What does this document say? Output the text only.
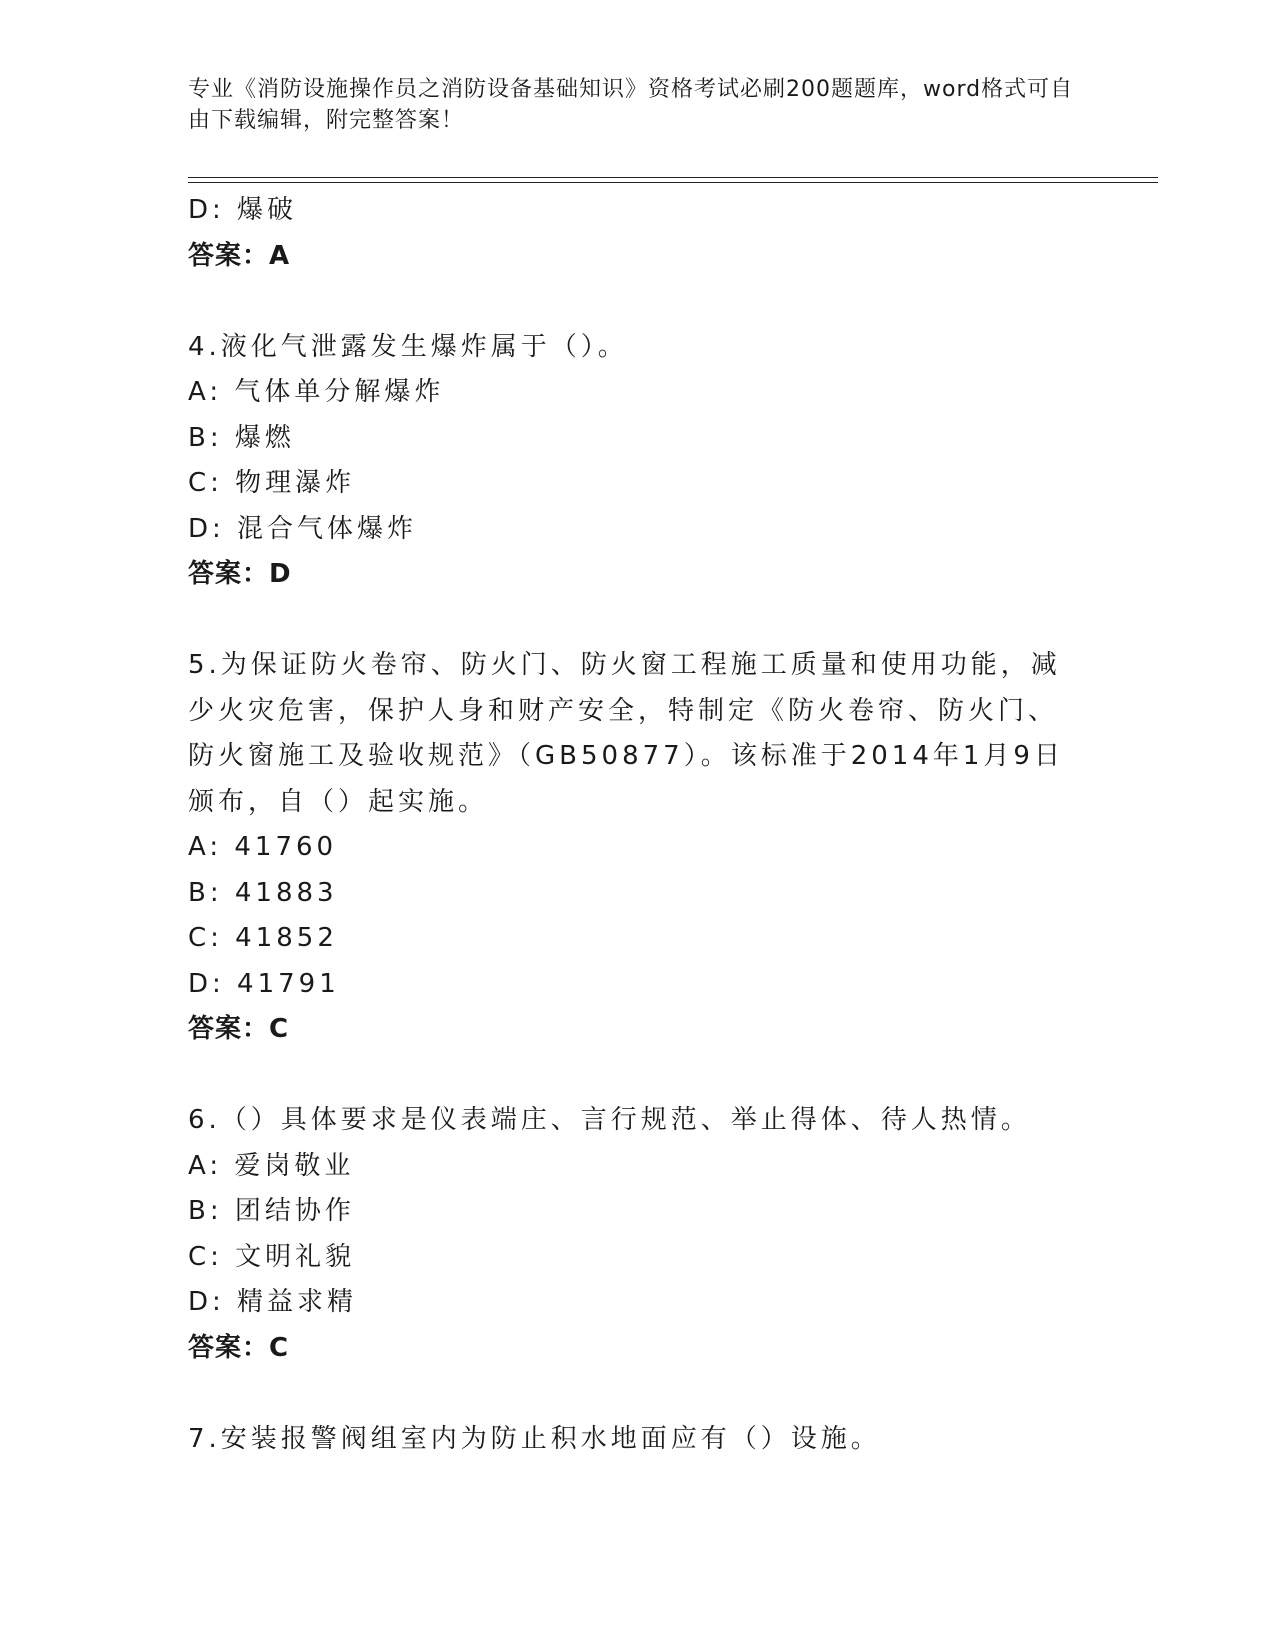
专业《消防设施操作员之消防设备基础知识》资格考试必刷200题题库，word格式可自由下载编辑，附完整答案！
D: 爆破
答案：A
4.液化气泄露发生爆炸属于（）。
A: 气体单分解爆炸
B: 爆燃
C: 物理瀑炸
D: 混合气体爆炸
答案：D
5.为保证防火卷帘、防火门、防火窗工程施工质量和使用功能，减少火灾危害，保护人身和财产安全，特制定《防火卷帘、防火门、防火窗施工及验收规范》（GB50877）。该标准于2014年1月9日颁布，自（）起实施。
A: 41760
B: 41883
C: 41852
D: 41791
答案：C
6.（）具体要求是仪表端庄、言行规范、举止得体、待人热情。
A: 爱岗敬业
B: 团结协作
C: 文明礼貌
D: 精益求精
答案：C
7.安装报警阀组室内为防止积水地面应有（）设施。
